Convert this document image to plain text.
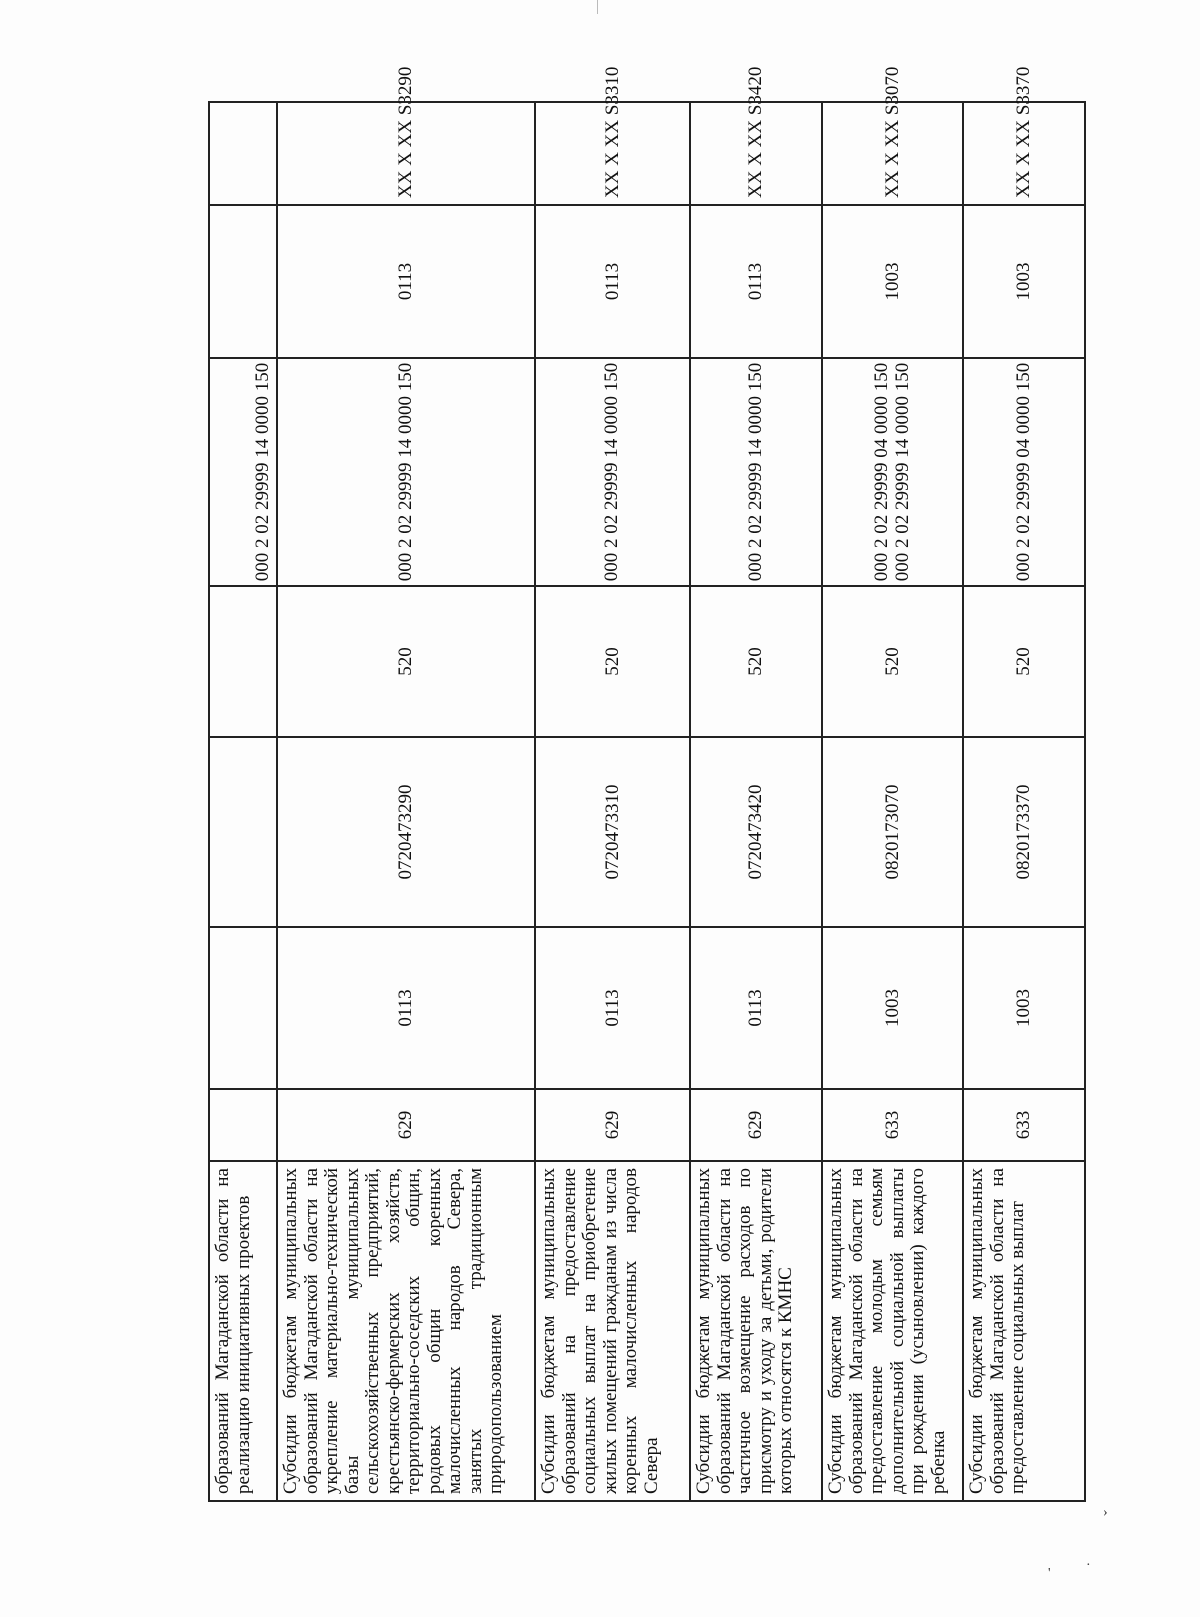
образований Магаданской области на реализацию инициативных проектов					000 2 02 29999 14 0000 150		

Субсидии бюджетам муниципальных образований Магаданской области на укрепление материально-технической базы муниципальных сельскохозяйственных предприятий, крестьянско-фермерских хозяйств, территориально-соседских общин, родовых общин коренных малочисленных народов Севера, занятых традиционным природопользованием	629	0113	0720473290	520	000 2 02 29999 14 0000 150	0113	XX X XX S3290
Субсидии бюджетам муниципальных образований на предоставление социальных выплат на приобретение жилых помещений гражданам из числа коренных малочисленных народов Севера	629	0113	0720473310	520	000 2 02 29999 14 0000 150	0113	XX X XX S3310
Субсидии бюджетам муниципальных образований Магаданской области на частичное возмещение расходов по присмотру и уходу за детьми, родители которых относятся к КМНС	629	0113	0720473420	520	000 2 02 29999 14 0000 150	0113	XX X XX S3420
Субсидии бюджетам муниципальных образований Магаданской области на предоставление молодым семьям дополнительной социальной выплаты при рождении (усыновлении) каждого ребенка	633	1003	0820173070	520	000 2 02 29999 04 0000 150 000 2 02 29999 14 0000 150	1003	XX X XX S3070
Субсидии бюджетам муниципальных образований Магаданской области на предоставление социальных выплат	633	1003	0820173370	520	000 2 02 29999 04 0000 150	1003	XX X XX S3370
›
·
'
